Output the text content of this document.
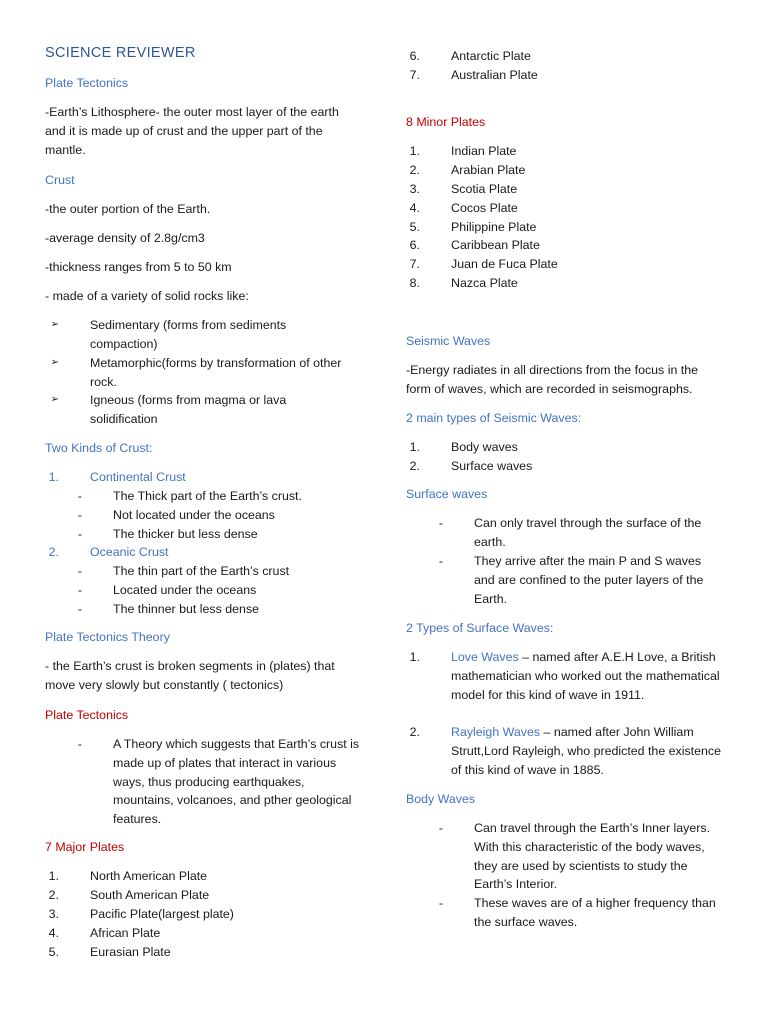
SCIENCE REVIEWER
Plate Tectonics
-Earth’s Lithosphere- the outer most layer of the earth and it is made up of crust and the upper part of the mantle.
Crust
-the outer portion of the Earth.
-average density of 2.8g/cm3
-thickness ranges from 5 to 50 km
- made of a variety of solid rocks like:
➢	Sedimentary (forms from sediments compaction)
➢	Metamorphic(forms by transformation of other rock.
➢	Igneous (forms from magma or lava solidification
Two Kinds of Crust:
1.	Continental Crust
-	The Thick part of the Earth’s crust.
-	Not located under the oceans
-	The thicker but less dense
2.	Oceanic Crust
-	The thin part of the Earth’s crust
-	Located under the oceans
-	The thinner but less dense
Plate Tectonics Theory
- the Earth’s crust is broken segments in (plates) that move very slowly but constantly ( tectonics)
Plate Tectonics
-	A Theory which suggests that Earth’s crust is made up of plates that interact in various ways, thus producing earthquakes, mountains, volcanoes, and pther geological features.
7 Major Plates
1.	North American Plate
2.	South American Plate
3.	Pacific Plate(largest plate)
4.	African Plate
5.	Eurasian Plate
6.	Antarctic Plate
7.	Australian Plate
8 Minor Plates
1.	Indian Plate
2.	Arabian Plate
3.	Scotia Plate
4.	Cocos Plate
5.	Philippine Plate
6.	Caribbean Plate
7.	Juan de Fuca Plate
8.	Nazca Plate
Seismic Waves
-Energy radiates in all directions from the focus in the form of waves, which are recorded in seismographs.
2 main types of Seismic Waves:
1.	Body waves
2.	Surface waves
Surface waves
-	Can only travel through the surface of the earth.
-	They arrive after the main P and S waves and are confined to the puter layers of the Earth.
2 Types of Surface Waves:
1.	Love Waves – named after A.E.H Love, a British mathematician who worked out the mathematical model for this kind of wave in 1911.
2.	Rayleigh Waves – named after John William Strutt,Lord Rayleigh, who predicted the existence of this kind of wave in 1885.
Body Waves
-	Can travel through the Earth’s Inner layers. With this characteristic of the body waves, they are used by scientists to study the Earth’s Interior.
-	These waves are of a higher frequency than the surface waves.
